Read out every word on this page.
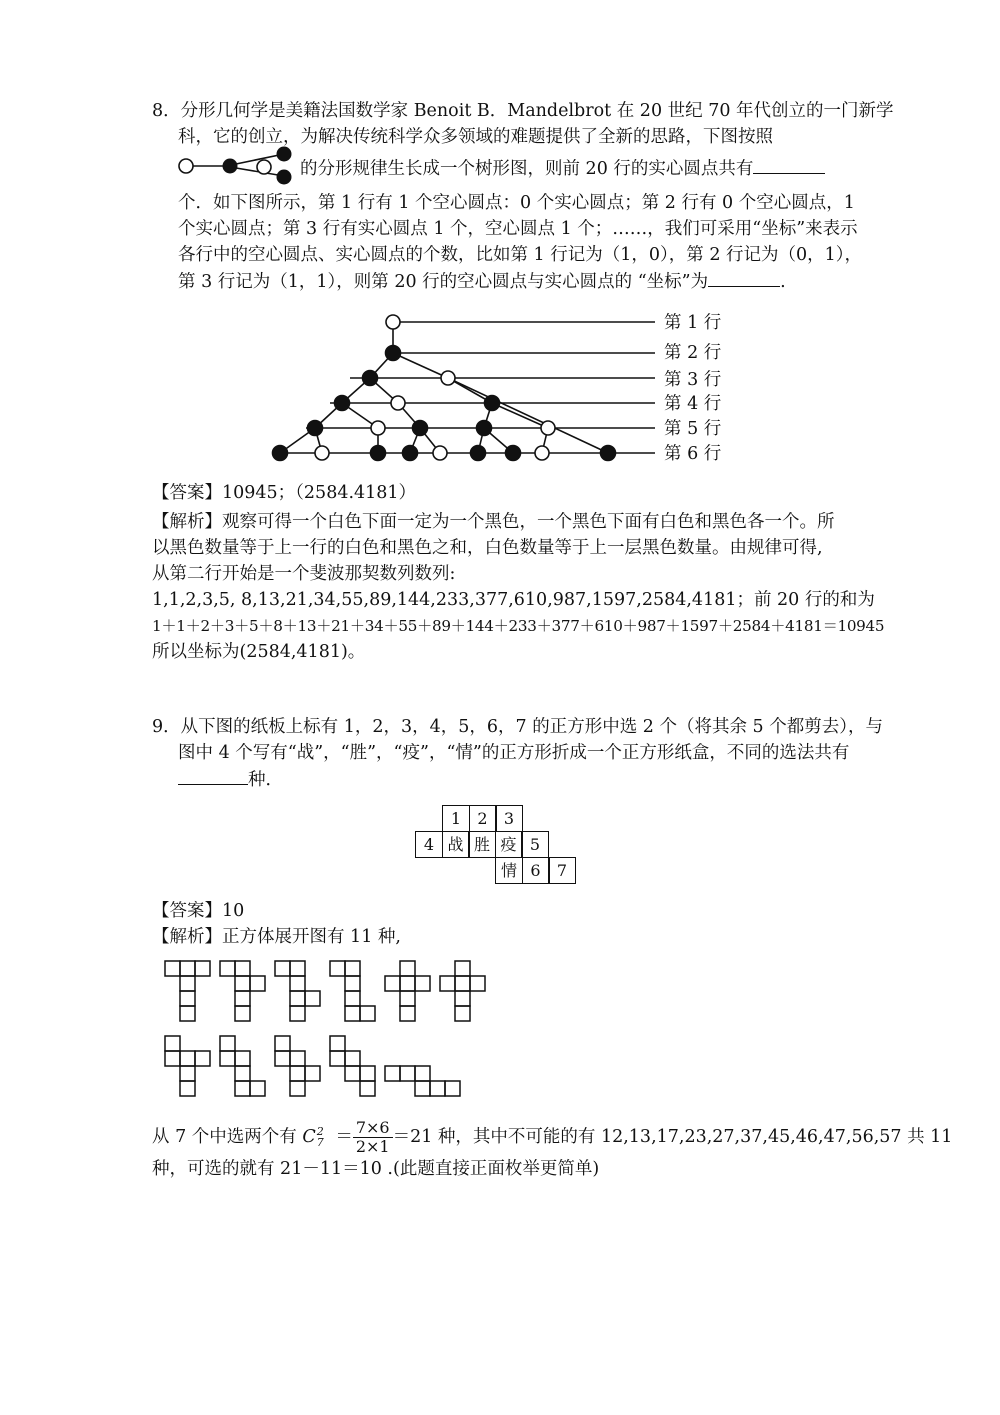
8．分形几何学是美籍法国数学家 Benoit B．Mandelbrot 在 20 世纪 70 年代创立的一门新学
科，它的创立，为解决传统科学众多领域的难题提供了全新的思路，下图按照
的分形规律生长成一个树形图，则前 20 行的实心圆点共有
个．如下图所示，第 1 行有 1 个空心圆点：0 个实心圆点；第 2 行有 0 个空心圆点，1
个实心圆点；第 3 行有实心圆点 1 个，空心圆点 1 个；……，我们可采用“坐标”来表示
各行中的空心圆点、实心圆点的个数，比如第 1 行记为（1，0），第 2 行记为（0，1），
第 3 行记为（1，1），则第 20 行的空心圆点与实心圆点的 “坐标”为	.
第 1 行
第 2 行
第 3 行
第 4 行
第 5 行
第 6 行
【答案】10945；（2584.4181）
【解析】观察可得一个白色下面一定为一个黑色，一个黑色下面有白色和黑色各一个。所
以黑色数量等于上一行的白色和黑色之和，白色数量等于上一层黑色数量。由规律可得,
从第二行开始是一个斐波那契数列数列:
1,1,2,3,5, 8,13,21,34,55,89,144,233,377,610,987,1597,2584,4181；前 20 行的和为
1＋1＋2＋3＋5＋8＋13＋21＋34＋55＋89＋144＋233＋377＋610＋987＋1597＋2584＋4181＝10945
所以坐标为(2584,4181)。
9．从下图的纸板上标有 1，2，3，4，5，6，7 的正方形中选 2 个（将其余 5 个都剪去），与
图中 4 个写有“战”，“胜”，“疫”，“情”的正方形折成一个正方形纸盒，不同的选法共有
种．
1	2	3
4 战 胜 疫 5
情 6	7
【答案】10
【解析】正方体展开图有 11 种,
从 7 个中选两个有 $C^2_7 = \frac{7\times 6}{2\times 1} =21$ 种，其中不可能的有 12,13,17,23,27,37,45,46,47,56,57 共 11
种，可选的就有 21－11＝10 .(此题直接正面枚举更简单)
